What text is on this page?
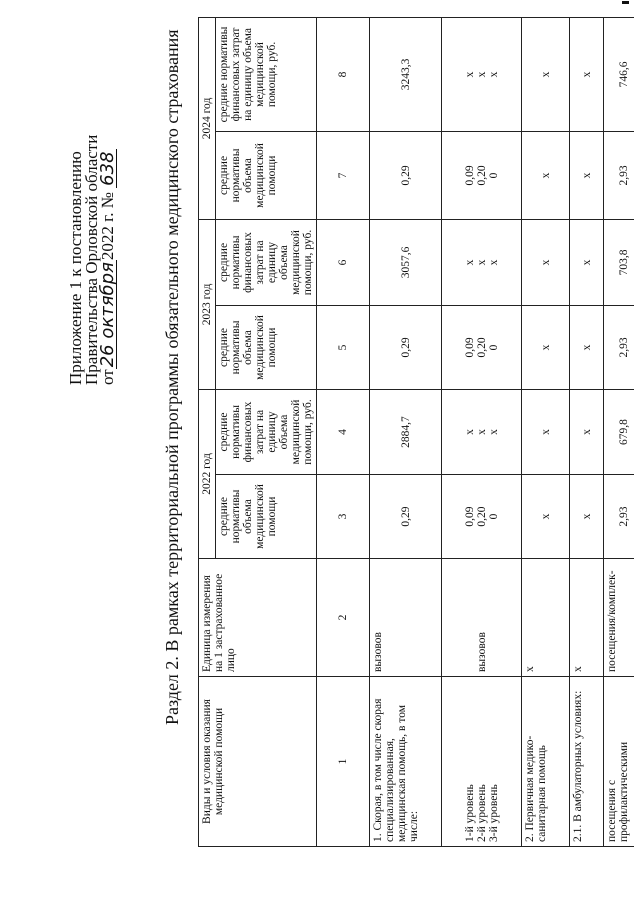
Приложение 1 к постановлению
Правительства Орловской области
от26 октября2022 г. № 638 Раздел 2. В рамках территориальной программы обязательного медицинского страхования
Виды и условия оказания медицинской помощи	Единица измерения на 1 застрахованное лицо	2022 год		2023 год		2024 год	
		средние нормативы объема медицинской помощи	средние нормативы финансовых затрат на единицу объема медицинской помощи, руб.	средние нормативы объема медицинской помощи	средние нормативы финансовых затрат на единицу объема медицинской помощи, руб.	средние нормативы объема медицинской помощи	средние нормативы финансовых затрат на единицу объема медицинской помощи, руб.
1	2	3	4	5	6	7	8
1. Скорая, в том числе скорая специализированная, медицинская помощь, в том числе:	вызовов	0,29	2884,7	0,29	3057,6	0,29	3243,3

1-й уровень 2-й уровень 3-й уровень	вызовов	0,09 0,20 0	х х х	0,09 0,20 0	х х х	0,09 0,20 0	х х х

2. Первичная медико-санитарная помощь	х	х	х	х	х	х	х
2.1. В амбулаторных условиях:	х	х	х	х	х	х	х
посещения с профилактическими	посещения/комплек-	2,93	679,8	2,93	703,8	2,93	746,6
